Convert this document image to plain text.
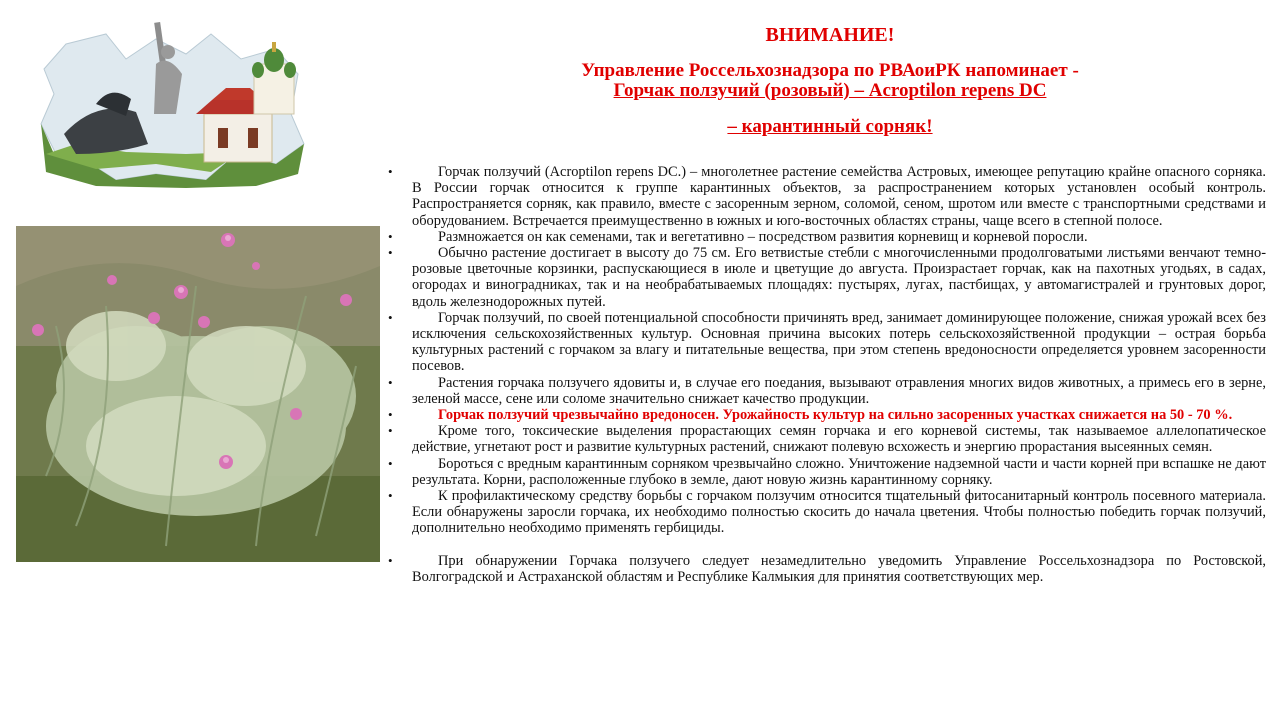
ВНИМАНИЕ!
Управление Россельхознадзора по РВАоиРК напоминает -
Горчак ползучий (розовый) – Acroptilon repens DC
– карантинный сорняк!
•	Горчак ползучий (Acroptilon repens DC.) – многолетнее растение семейства Астровых, имеющее репутацию крайне опасного сорняка. В России горчак относится к группе карантинных объектов, за распространением которых установлен особый контроль. Распространяется сорняк, как правило, вместе с засоренным зерном, соломой, сеном, шротом или вместе с транспортными средствами и оборудованием. Встречается преимущественно в южных и юго-восточных областях страны, чаще всего в степной полосе.
•	Размножается он как семенами, так и вегетативно – посредством развития корневищ и корневой поросли.
•	Обычно растение достигает в высоту до 75 см. Его ветвистые стебли с многочисленными продолговатыми листьями венчают темно-розовые цветочные корзинки, распускающиеся в июле и цветущие до августа. Произрастает горчак, как на пахотных угодьях, в садах, огородах и виноградниках, так и на необрабатываемых площадях: пустырях, лугах, пастбищах, у автомагистралей и грунтовых дорог, вдоль железнодорожных путей.
•	Горчак ползучий, по своей потенциальной способности причинять вред, занимает доминирующее положение, снижая урожай всех без исключения сельскохозяйственных культур. Основная причина высоких потерь сельскохозяйственной продукции – острая борьба культурных растений с горчаком за влагу и питательные вещества, при этом степень вредоносности определяется уровнем засоренности посевов.
•	Растения горчака ползучего ядовиты и, в случае его поедания, вызывают отравления многих видов животных, а примесь его в зерне, зеленой массе, сене или соломе значительно снижает качество продукции.
•	Горчак ползучий чрезвычайно вредоносен. Урожайность культур на сильно засоренных участках снижается на 50 - 70 %.
•	Кроме того, токсические выделения прорастающих семян горчака и его корневой системы, так называемое аллелопатическое действие, угнетают рост и развитие культурных растений, снижают полевую всхожесть и энергию прорастания высеянных семян.
•	Бороться с вредным карантинным сорняком чрезвычайно сложно. Уничтожение надземной части и части корней при вспашке не дают результата. Корни, расположенные глубоко в земле, дают новую жизнь карантинному сорняку.
•	К профилактическому средству борьбы с горчаком ползучим относится тщательный фитосанитарный контроль посевного материала. Если обнаружены заросли горчака, их необходимо полностью скосить до начала цветения. Чтобы полностью победить горчак ползучий, дополнительно необходимо применять гербициды.
•	При обнаружении Горчака ползучего следует незамедлительно уведомить Управление Россельхознадзора по Ростовской, Волгоградской и Астраханской областям и Республике Калмыкия для принятия соответствующих мер.
